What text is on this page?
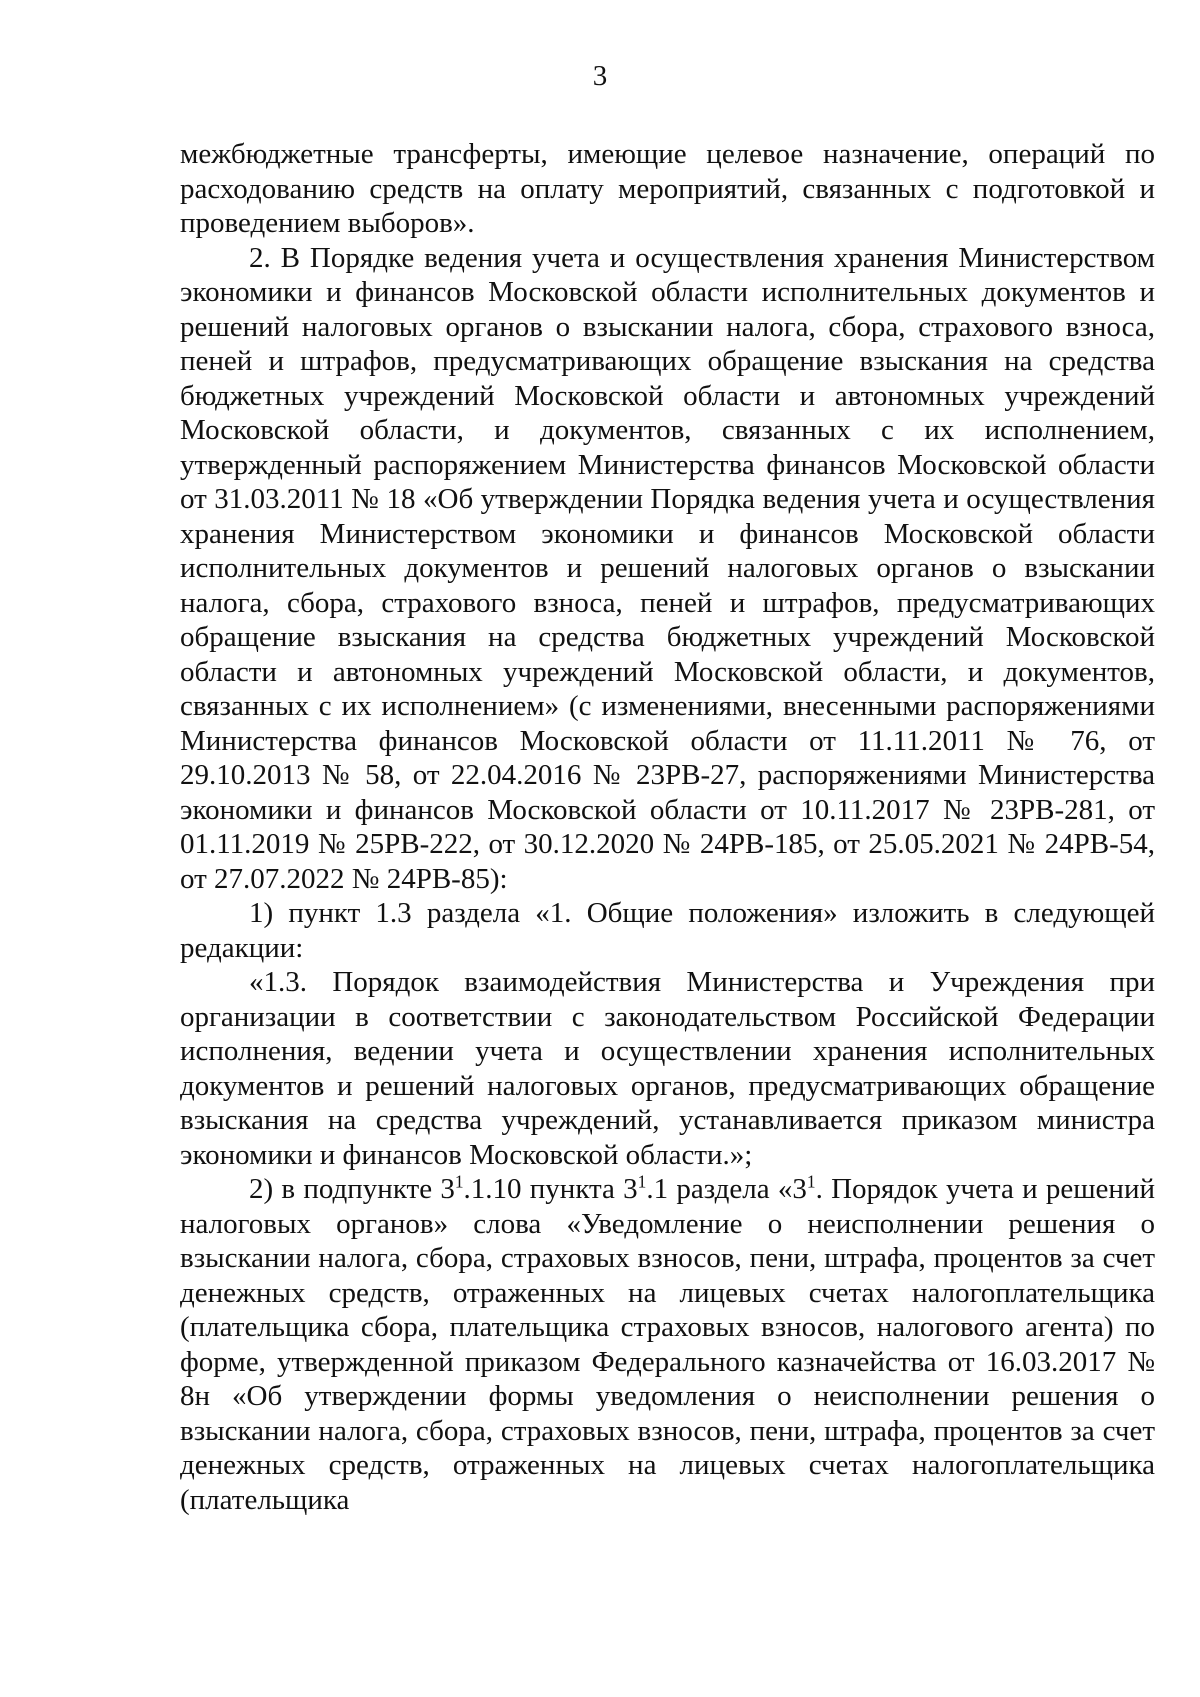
3

межбюджетные трансферты, имеющие целевое назначение, операций по расходованию средств на оплату мероприятий, связанных с подготовкой и проведением выборов».

2. В Порядке ведения учета и осуществления хранения Министерством экономики и финансов Московской области исполнительных документов и решений налоговых органов о взыскании налога, сбора, страхового взноса, пеней и штрафов, предусматривающих обращение взыскания на средства бюджетных учреждений Московской области и автономных учреждений Московской области, и документов, связанных с их исполнением, утвержденный распоряжением Министерства финансов Московской области от 31.03.2011 № 18 «Об утверждении Порядка ведения учета и осуществления хранения Министерством экономики и финансов Московской области исполнительных документов и решений налоговых органов о взыскании налога, сбора, страхового взноса, пеней и штрафов, предусматривающих обращение взыскания на средства бюджетных учреждений Московской области и автономных учреждений Московской области, и документов, связанных с их исполнением» (с изменениями, внесенными распоряжениями Министерства финансов Московской области от 11.11.2011 № 76, от 29.10.2013 № 58, от 22.04.2016 № 23РВ-27, распоряжениями Министерства экономики и финансов Московской области от 10.11.2017 № 23РВ-281, от 01.11.2019 № 25РВ-222, от 30.12.2020 № 24РВ-185, от 25.05.2021 № 24РВ-54, от 27.07.2022 № 24РВ-85):

1) пункт 1.3 раздела «1. Общие положения» изложить в следующей редакции:

«1.3. Порядок взаимодействия Министерства и Учреждения при организации в соответствии с законодательством Российской Федерации исполнения, ведении учета и осуществлении хранения исполнительных документов и решений налоговых органов, предусматривающих обращение взыскания на средства учреждений, устанавливается приказом министра экономики и финансов Московской области.»;

2) в подпункте $3^1.1.10$ пункта $3^1.1$ раздела «$3^1$. Порядок учета и решений налоговых органов» слова «Уведомление о неисполнении решения о взыскании налога, сбора, страховых взносов, пени, штрафа, процентов за счет денежных средств, отраженных на лицевых счетах налогоплательщика (плательщика сбора, плательщика страховых взносов, налогового агента) по форме, утвержденной приказом Федерального казначейства от 16.03.2017 № 8н «Об утверждении формы уведомления о неисполнении решения о взыскании налога, сбора, страховых взносов, пени, штрафа, процентов за счет денежных средств, отраженных на лицевых счетах налогоплательщика (плательщика
